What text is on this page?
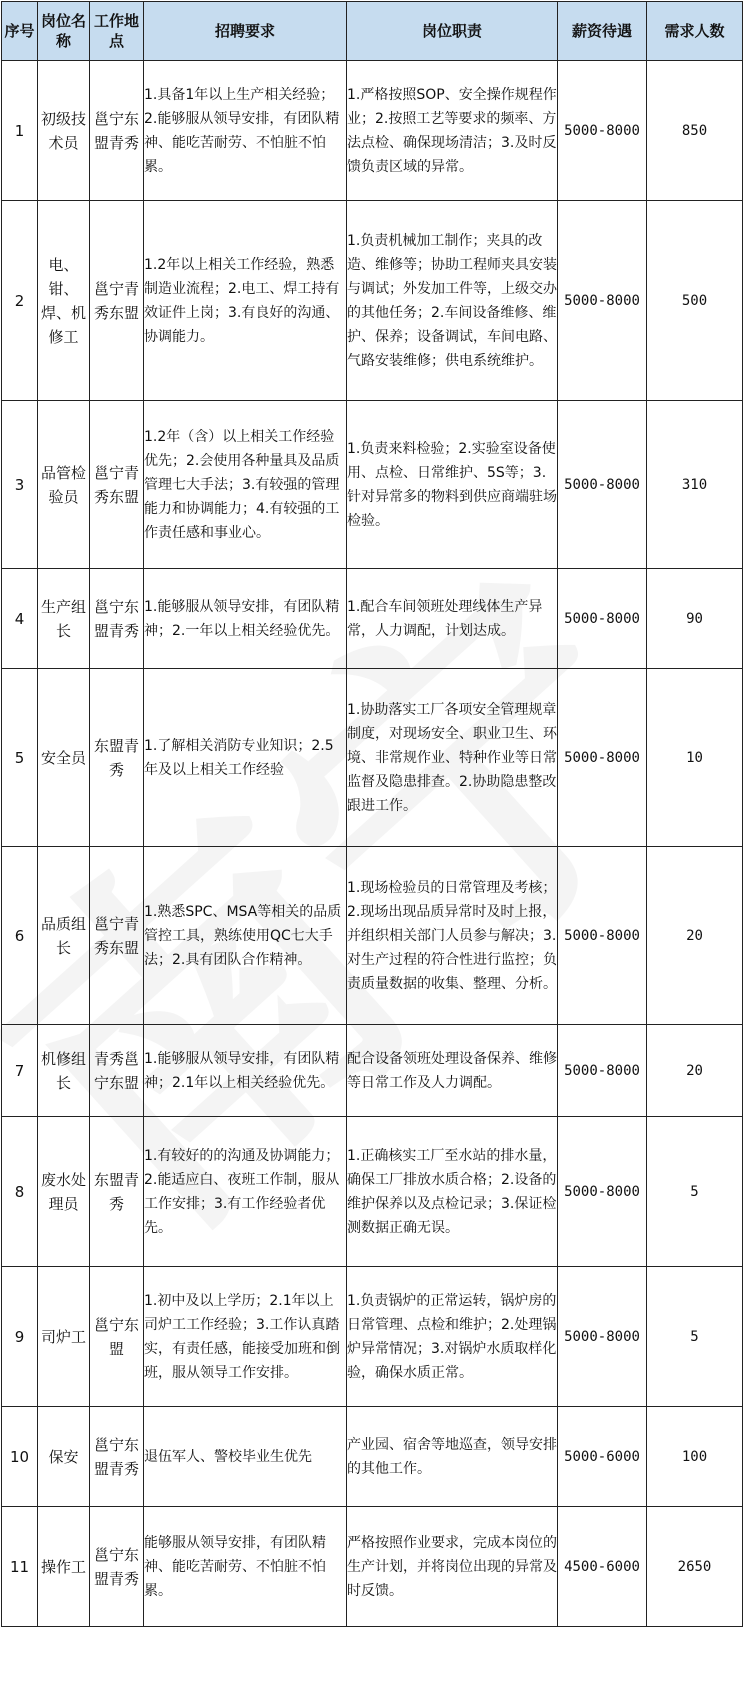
序号	岗位名称	工作地点	招聘要求	岗位职责	薪资待遇	需求人数
1	初级技术员	邕宁东盟青秀	1.具备1年以上生产相关经验；2.能够服从领导安排，有团队精神、能吃苦耐劳、不怕脏不怕累。	1.严格按照SOP、安全操作规程作业；2.按照工艺等要求的频率、方法点检、确保现场清洁；3.及时反馈负责区域的异常。	5000-8000	850
2	电、钳、焊、机修工	邕宁青秀东盟	1.2年以上相关工作经验，熟悉制造业流程；2.电工、焊工持有效证件上岗；3.有良好的沟通、协调能力。	1.负责机械加工制作；夹具的改造、维修等；协助工程师夹具安装与调试；外发加工件等，上级交办的其他任务；2.车间设备维修、维护、保养；设备调试，车间电路、气路安装维修；供电系统维护。	5000-8000	500
3	品管检验员	邕宁青秀东盟	1.2年（含）以上相关工作经验优先；2.会使用各种量具及品质管理七大手法；3.有较强的管理能力和协调能力；4.有较强的工作责任感和事业心。	1.负责来料检验；2.实验室设备使用、点检、日常维护、5S等；3.针对异常多的物料到供应商端驻场检验。	5000-8000	310
4	生产组长	邕宁东盟青秀	1.能够服从领导安排，有团队精神；2.一年以上相关经验优先。	1.配合车间领班处理线体生产异常，人力调配，计划达成。	5000-8000	90
5	安全员	东盟青秀	1.了解相关消防专业知识；2.5年及以上相关工作经验	1.协助落实工厂各项安全管理规章制度，对现场安全、职业卫生、环境、非常规作业、特种作业等日常监督及隐患排查。2.协助隐患整改跟进工作。	5000-8000	10
6	品质组长	邕宁青秀东盟	1.熟悉SPC、MSA等相关的品质管控工具，熟练使用QC七大手法；2.具有团队合作精神。	1.现场检验员的日常管理及考核；2.现场出现品质异常时及时上报，并组织相关部门人员参与解决；3.对生产过程的符合性进行监控；负责质量数据的收集、整理、分析。	5000-8000	20
7	机修组长	青秀邕宁东盟	1.能够服从领导安排，有团队精神；2.1年以上相关经验优先。	配合设备领班处理设备保养、维修等日常工作及人力调配。	5000-8000	20
8	废水处理员	东盟青秀	1.有较好的的沟通及协调能力；2.能适应白、夜班工作制，服从工作安排；3.有工作经验者优先。	1.正确核实工厂至水站的排水量，确保工厂排放水质合格；2.设备的维护保养以及点检记录；3.保证检测数据正确无误。	5000-8000	5
9	司炉工	邕宁东盟	1.初中及以上学历；2.1年以上司炉工工作经验；3.工作认真踏实，有责任感，能接受加班和倒班，服从领导工作安排。	1.负责锅炉的正常运转，锅炉房的日常管理、点检和维护；2.处理锅炉异常情况；3.对锅炉水质取样化验，确保水质正常。	5000-8000	5
10	保安	邕宁东盟青秀	退伍军人、警校毕业生优先	产业园、宿舍等地巡查，领导安排的其他工作。	5000-6000	100
11	操作工	邕宁东盟青秀	能够服从领导安排，有团队精神、能吃苦耐劳、不怕脏不怕累。	严格按照作业要求，完成本岗位的生产计划，并将岗位出现的异常及时反馈。	4500-6000	2650
